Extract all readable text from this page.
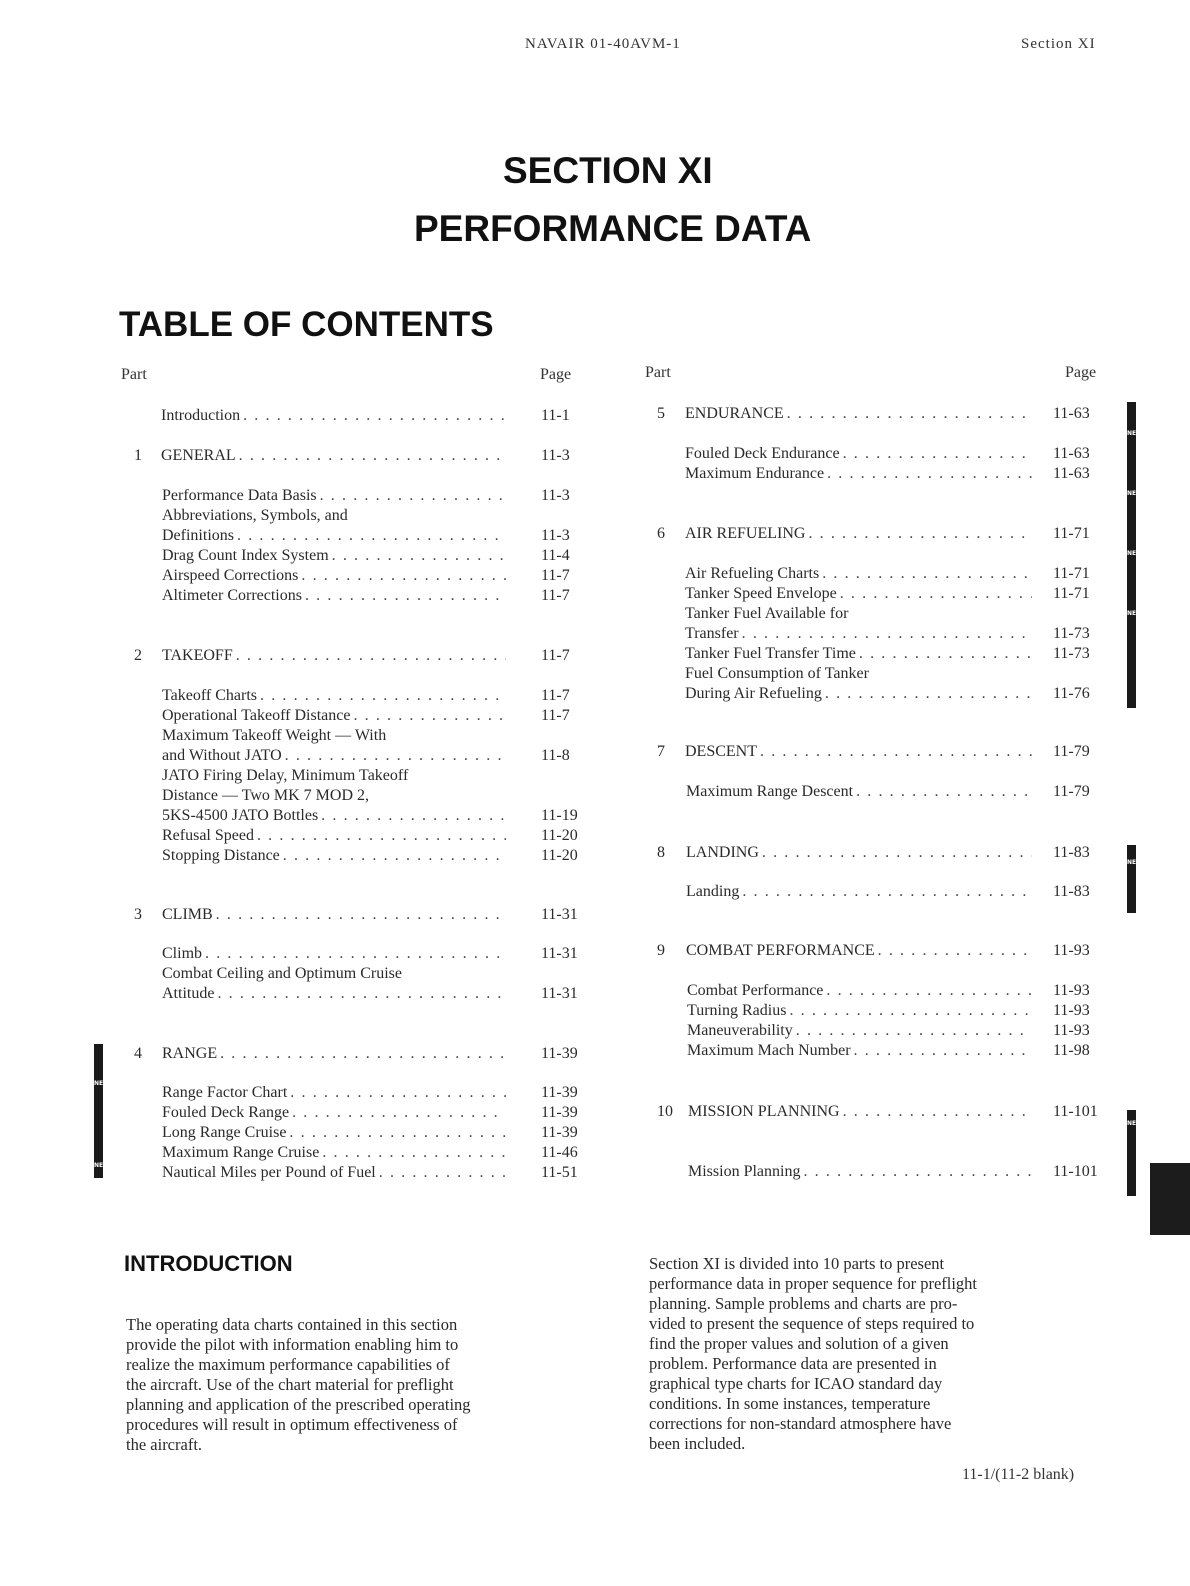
NAVAIR 01-40AVM-1	Section XI
SECTION XI
PERFORMANCE DATA
TABLE OF CONTENTS
Part	Page	Part	Page
Introduction . . .	11-1
1 GENERAL . . .	11-3
Performance Data Basis . . .	11-3
Abbreviations, Symbols, and
Definitions . . .	11-3
Drag Count Index System . . .	11-4
Airspeed Corrections . . .	11-7
Altimeter Corrections . . .	11-7
2 TAKEOFF . . .	11-7
Takeoff Charts . . .	11-7
Operational Takeoff Distance . . .	11-7
Maximum Takeoff Weight — With
and Without JATO . . .	11-8
JATO Firing Delay, Minimum Takeoff
Distance — Two MK 7 MOD 2,
5KS-4500 JATO Bottles . . .	11-19
Refusal Speed . . .	11-20
Stopping Distance . . .	11-20
3 CLIMB . . .	11-31
Climb . . .	11-31
Combat Ceiling and Optimum Cruise
Attitude . . .	11-31
4 RANGE . . .	11-39
Range Factor Chart . . .	11-39
Fouled Deck Range . . .	11-39
Long Range Cruise . . .	11-39
Maximum Range Cruise . . .	11-46
Nautical Miles per Pound of Fuel . . .	11-51
NEW
NEW
5 ENDURANCE . . .	11-63
Fouled Deck Endurance . . .	11-63
Maximum Endurance . . .	11-63
6 AIR REFUELING . . .	11-71
Air Refueling Charts . . .	11-71
Tanker Speed Envelope . . .	11-71
Tanker Fuel Available for
Transfer . . .	11-73
Tanker Fuel Transfer Time . . .	11-73
Fuel Consumption of Tanker
During Air Refueling . . .	11-76
7 DESCENT . . .	11-79
Maximum Range Descent . . .	11-79
8 LANDING . . .	11-83
Landing . . .	11-83
9 COMBAT PERFORMANCE . . .	11-93
Combat Performance . . .	11-93
Turning Radius . . .	11-93
Maneuverability . . .	11-93
Maximum Mach Number . . .	11-98
10 MISSION PLANNING . . .	11-101
Mission Planning . . .	11-101
NEW
NEW
NEW
NEW
NEW
NEW
INTRODUCTION
The operating data charts contained in this section
provide the pilot with information enabling him to
realize the maximum performance capabilities of
the aircraft. Use of the chart material for preflight
planning and application of the prescribed operating
procedures will result in optimum effectiveness of
the aircraft.
Section XI is divided into 10 parts to present
performance data in proper sequence for preflight
planning. Sample problems and charts are pro-
vided to present the sequence of steps required to
find the proper values and solution of a given
problem. Performance data are presented in
graphical type charts for ICAO standard day
conditions. In some instances, temperature
corrections for non-standard atmosphere have
been included.
11-1/(11-2 blank)
